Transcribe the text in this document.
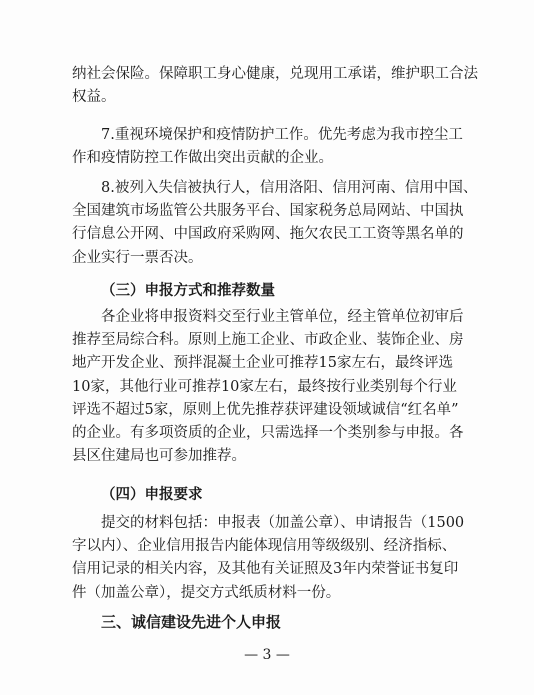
纳社会保险。保障职工身心健康，兑现用工承诺，维护职工合法
权益。
7.重视环境保护和疫情防护工作。优先考虑为我市控尘工
作和疫情防控工作做出突出贡献的企业。
8.被列入失信被执行人，信用洛阳、信用河南、信用中国、
全国建筑市场监管公共服务平台、国家税务总局网站、中国执
行信息公开网、中国政府采购网、拖欠农民工工资等黑名单的
企业实行一票否决。
（三）申报方式和推荐数量
各企业将申报资料交至行业主管单位，经主管单位初审后
推荐至局综合科。原则上施工企业、市政企业、装饰企业、房
地产开发企业、预拌混凝土企业可推荐15家左右，最终评选
10家，其他行业可推荐10家左右，最终按行业类别每个行业
评选不超过5家，原则上优先推荐获评建设领域诚信“红名单”
的企业。有多项资质的企业，只需选择一个类别参与申报。各
县区住建局也可参加推荐。
（四）申报要求
提交的材料包括：申报表（加盖公章）、申请报告（1500
字以内）、企业信用报告内能体现信用等级级别、经济指标、
信用记录的相关内容，及其他有关证照及3年内荣誉证书复印
件（加盖公章），提交方式纸质材料一份。
三、诚信建设先进个人申报
— 3 —
